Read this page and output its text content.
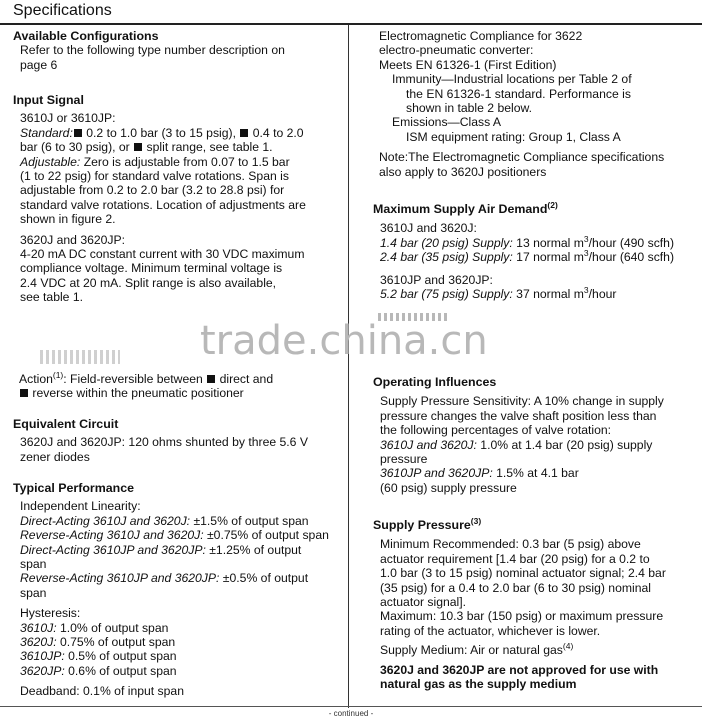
Specifications
- continued -

Available Configurations

Refer to the following type number description on

page 6

Input Signal

3610J or 3610JP:

Standard: 0.2 to 1.0 bar (3 to 15 psig),  0.4 to 2.0

bar (6 to 30 psig), or  split range, see table 1.

Adjustable: Zero is adjustable from 0.07 to 1.5 bar

(1 to 22 psig) for standard valve rotations. Span is

adjustable from 0.2 to 2.0 bar (3.2 to 28.8 psi) for

standard valve rotations. Location of adjustments are

shown in figure 2.

3620J and 3620JP:

4-20 mA DC constant current with 30 VDC maximum

compliance voltage. Minimum terminal voltage is

2.4 VDC at 20 mA. Split range is also available,

see table 1.

Action$^{(1)}$: Field-reversible between  direct and

reverse within the pneumatic positioner

Equivalent Circuit

3620J and 3620JP: 120 ohms shunted by three 5.6 V

zener diodes

Typical Performance

Independent Linearity:

Direct-Acting 3610J and 3620J: ±1.5% of output span

Reverse-Acting 3610J and 3620J: ±0.75% of output span

Direct-Acting 3610JP and 3620JP: ±1.25% of output

span

Reverse-Acting 3610JP and 3620JP: ±0.5% of output

span

Hysteresis:

3610J: 1.0% of output span

3620J: 0.75% of output span

3610JP: 0.5% of output span

3620JP: 0.6% of output span

Deadband: 0.1% of input span

Electromagnetic Compliance for 3622

electro-pneumatic converter:

Meets EN 61326-1 (First Edition)

Immunity—Industrial locations per Table 2 of

the EN 61326-1 standard. Performance is

shown in table 2 below.

Emissions—Class A

ISM equipment rating: Group 1, Class A

Note:The Electromagnetic Compliance specifications

also apply to 3620J positioners

Maximum Supply Air Demand$^{(2)}$

3610J and 3620J:

1.4 bar (20 psig) Supply: 13 normal $m^3$/hour (490 scfh)

2.4 bar (35 psig) Supply: 17 normal $m^3$/hour (640 scfh)

3610JP and 3620JP:

5.2 bar (75 psig) Supply: 37 normal $m^3$/hour

Operating Influences

Supply Pressure Sensitivity: A 10% change in supply

pressure changes the valve shaft position less than

the following percentages of valve rotation:

3610J and 3620J: 1.0% at 1.4 bar (20 psig) supply

pressure

3610JP and 3620JP: 1.5% at 4.1 bar

(60 psig) supply pressure

Supply Pressure$^{(3)}$

Minimum Recommended: 0.3 bar (5 psig) above

actuator requirement [1.4 bar (20 psig) for a 0.2 to

1.0 bar (3 to 15 psig) nominal actuator signal; 2.4 bar

(35 psig) for a 0.4 to 2.0 bar (6 to 30 psig) nominal

actuator signal].

Maximum: 10.3 bar (150 psig) or maximum pressure

rating of the actuator, whichever is lower.

Supply Medium: Air or natural gas$^{(4)}$

3620J and 3620JP are not approved for use with

natural gas as the supply medium

trade.china.cn
